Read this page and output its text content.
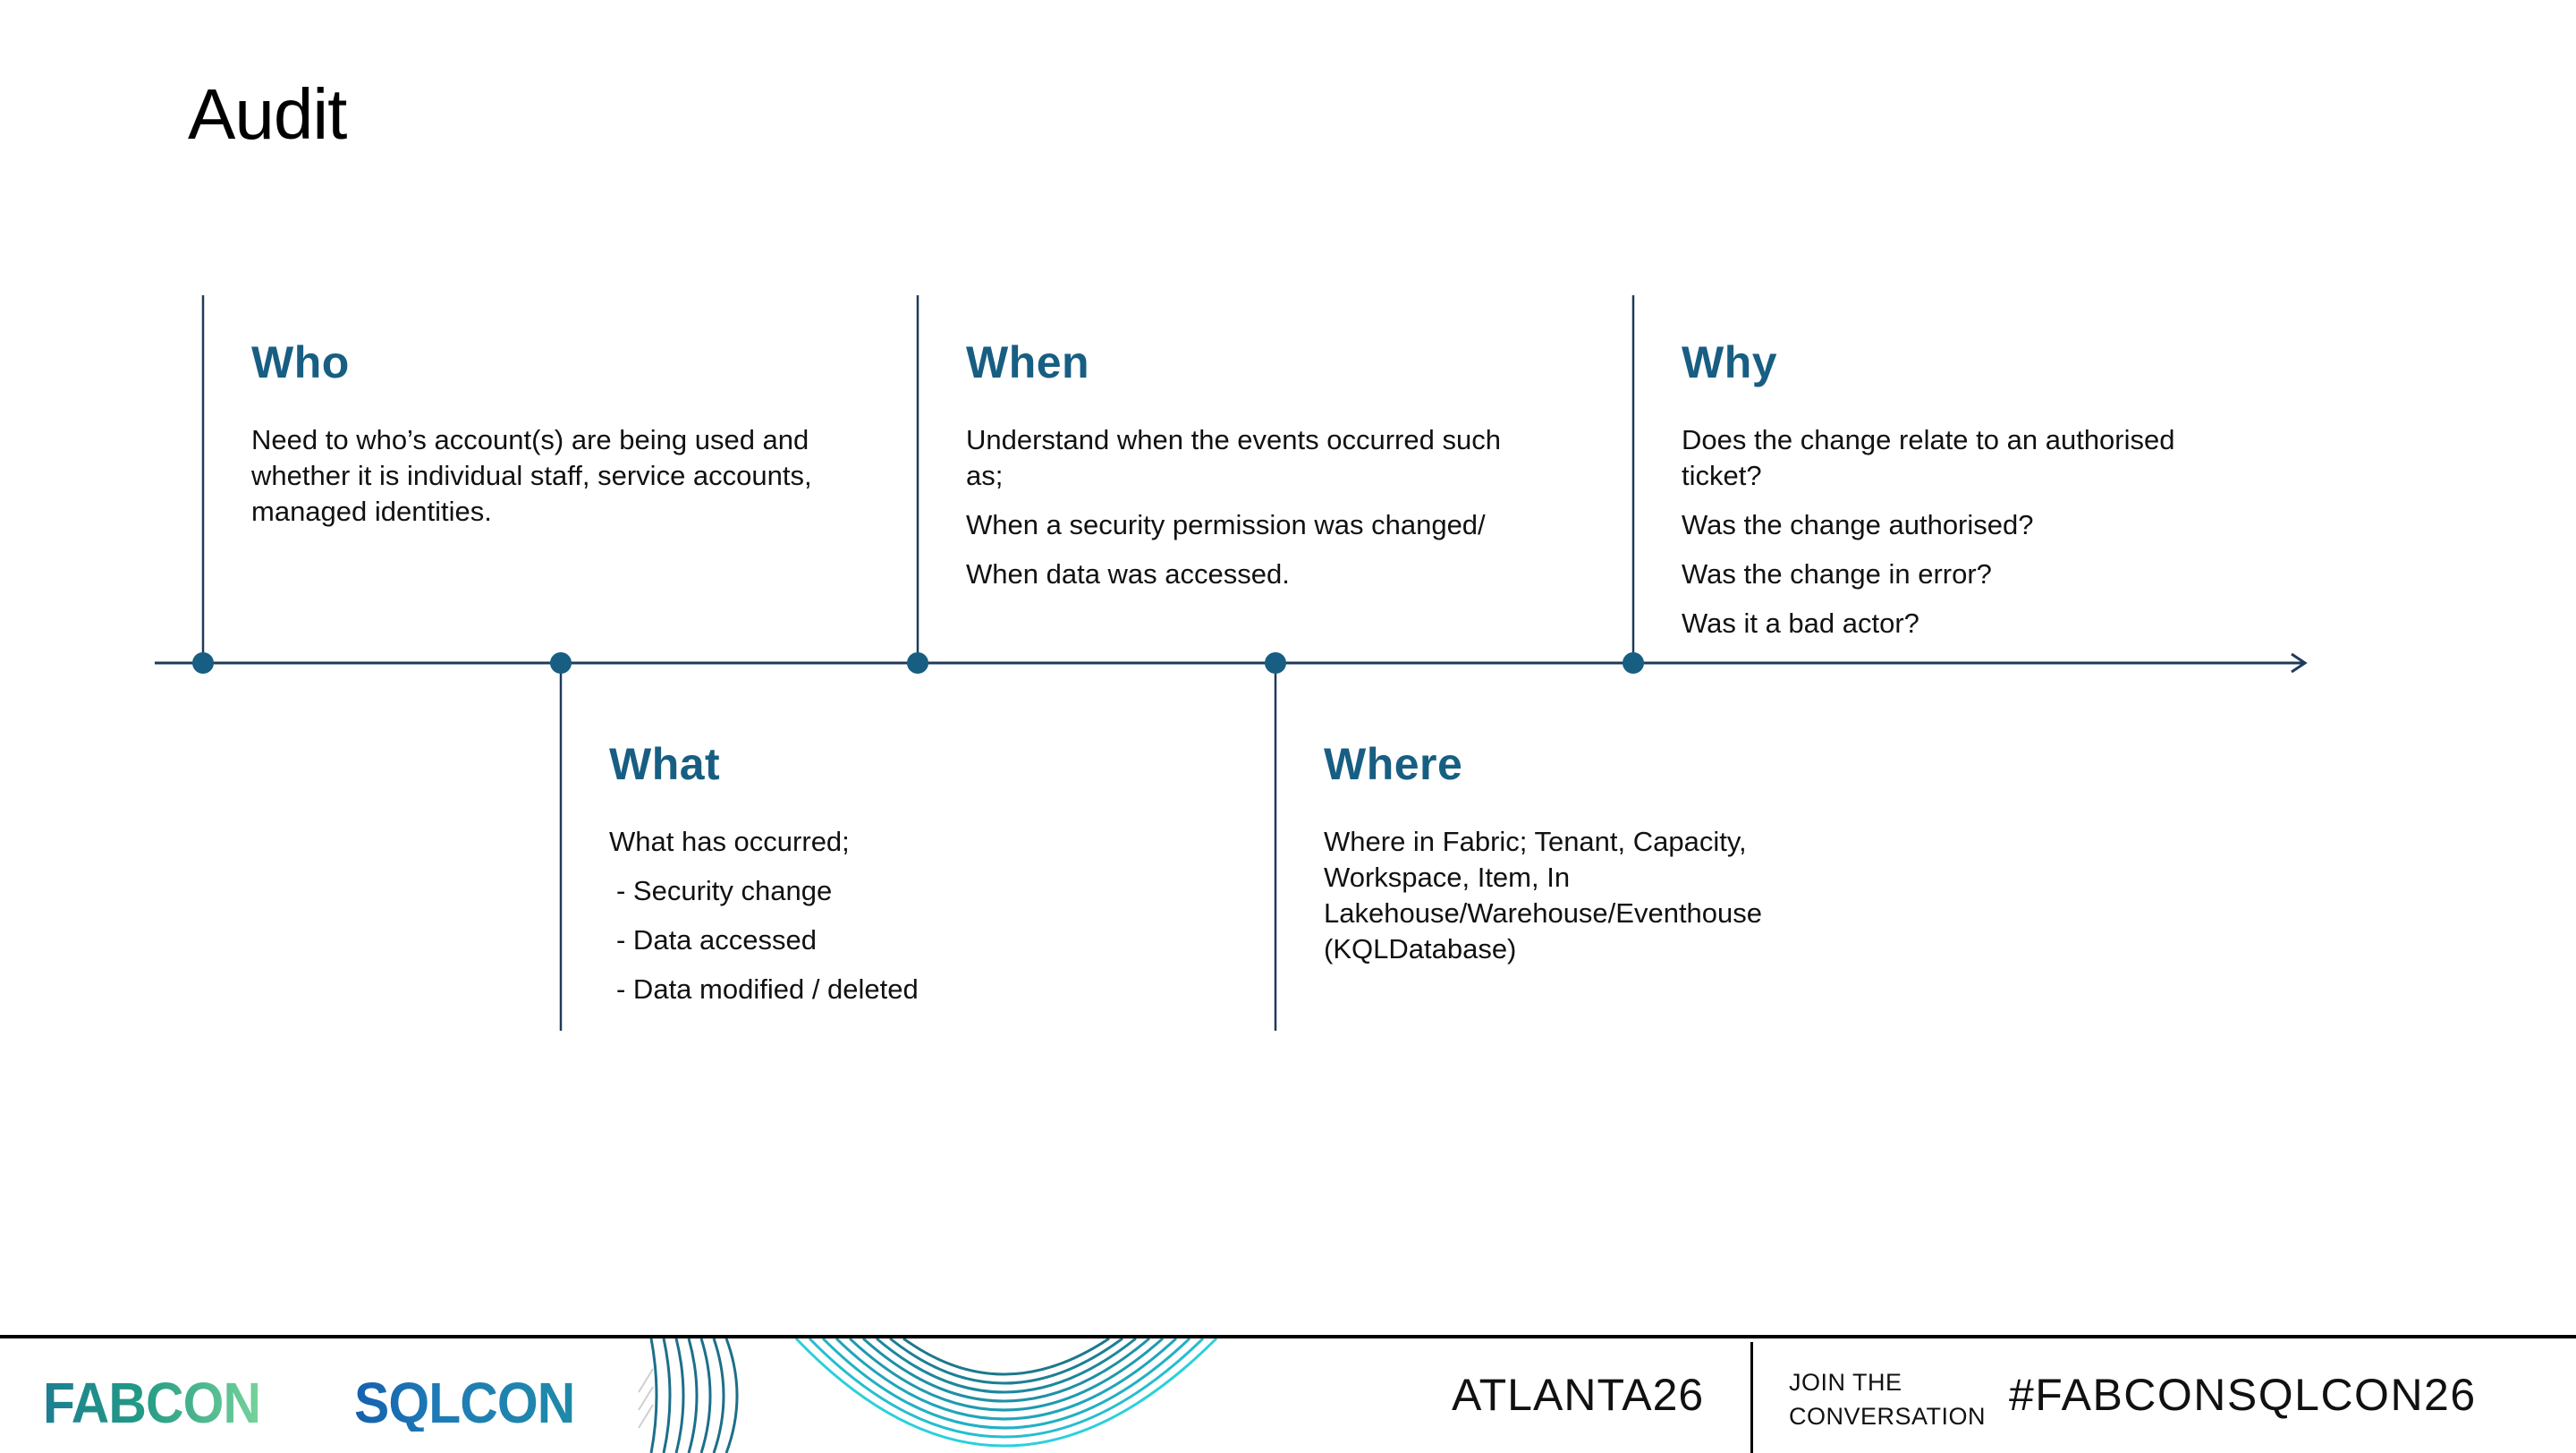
Audit
Who

Need to who’s account(s) are being used and whether it is individual staff, service accounts, managed identities.

What

What has occurred;

- Security change

- Data accessed

- Data modified / deleted

When

Understand when the events occurred such as;

When a security permission was changed/

When data was accessed.

Where

Where in Fabric; Tenant, Capacity, Workspace, Item, In Lakehouse/Warehouse/Eventhouse (KQLDatabase)

Why

Does the change relate to an authorised ticket?

Was the change authorised?

Was the change in error?

Was it a bad actor?

FABCON SQLCON	ATLANTA26	JOIN THE
CONVERSATION #FABCONSQLCON26
